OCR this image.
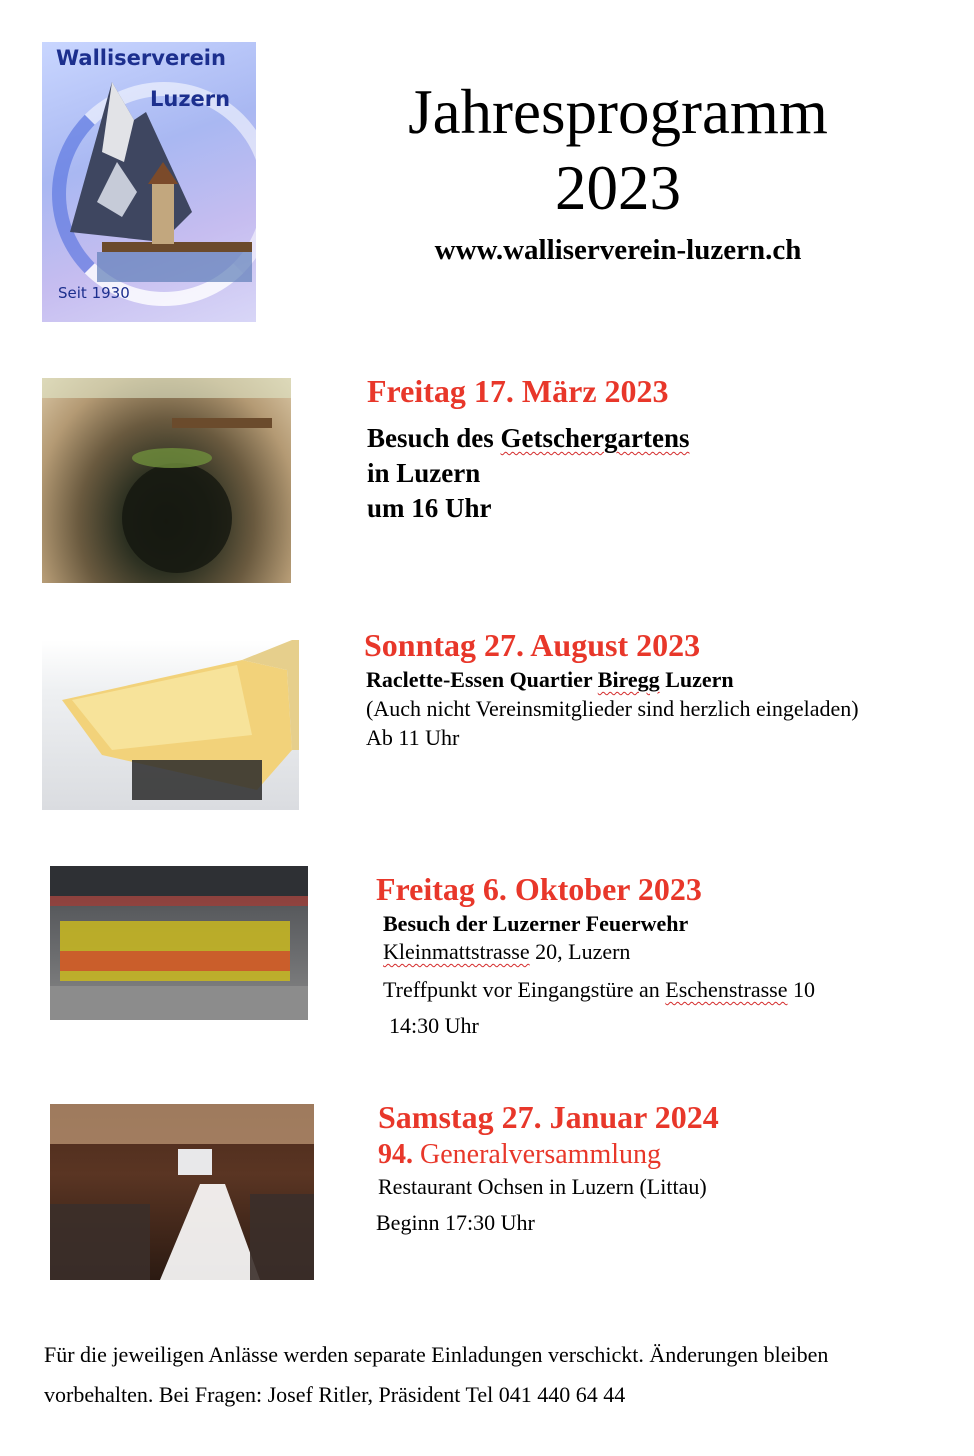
Walliserverein
Luzern
Seit 1930
Jahresprogramm
2023
www.walliserverein-luzern.ch
Freitag 17. März 2023
Besuch des Getschergartens
in Luzern
um 16 Uhr
Sonntag 27. August 2023
Raclette-Essen Quartier Biregg Luzern
(Auch nicht Vereinsmitglieder sind herzlich eingeladen)
Ab 11 Uhr
Freitag 6. Oktober 2023
Besuch der Luzerner Feuerwehr
Kleinmattstrasse 20, Luzern
Treffpunkt vor Eingangstüre an Eschenstrasse 10
14:30 Uhr
Samstag 27. Januar 2024
94. Generalversammlung
Restaurant Ochsen in Luzern (Littau)
Beginn 17:30 Uhr
Für die jeweiligen Anlässe werden separate Einladungen verschickt. Änderungen bleiben
vorbehalten. Bei Fragen: Josef Ritler, Präsident Tel 041 440 64 44
